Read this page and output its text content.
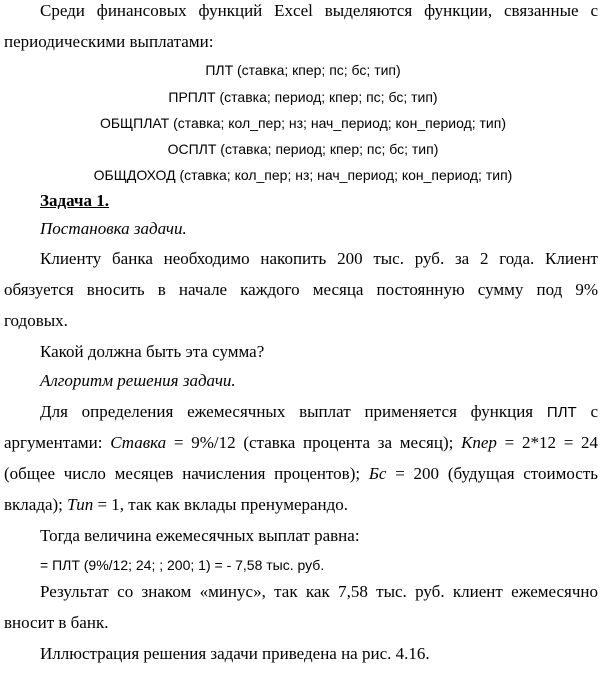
Среди финансовых функций Excel выделяются функции, связанные с

периодическими выплатами:

ПЛТ (ставка; кпер; пс; бс; тип)

ПРПЛТ (ставка; период; кпер; пс; бс; тип)

ОБЩПЛАТ (ставка; кол_пер; нз; нач_период; кон_период; тип)

ОСПЛТ (ставка; период; кпер; пс; бс; тип)

ОБЩДОХОД (ставка; кол_пер; нз; нач_период; кон_период; тип)

Задача 1.

Постановка задачи.

Клиенту банка необходимо накопить 200 тыс. руб. за 2 года. Клиент

обязуется вносить в начале каждого месяца постоянную сумму под 9%

годовых.

Какой должна быть эта сумма?

Алгоритм решения задачи.

Для определения ежемесячных выплат применяется функция ПЛТ с

аргументами: Ставка = 9%/12 (ставка процента за месяц); Кпер = 2*12 = 24

(общее число месяцев начисления процентов); Бс = 200 (будущая стоимость

вклада); Тип = 1, так как вклады пренумерандо.

Тогда величина ежемесячных выплат равна:

= ПЛТ (9%/12; 24; ; 200; 1) = - 7,58 тыс. руб.

Результат со знаком «минус», так как 7,58 тыс. руб. клиент ежемесячно

вносит в банк.

Иллюстрация решения задачи приведена на рис. 4.16.
